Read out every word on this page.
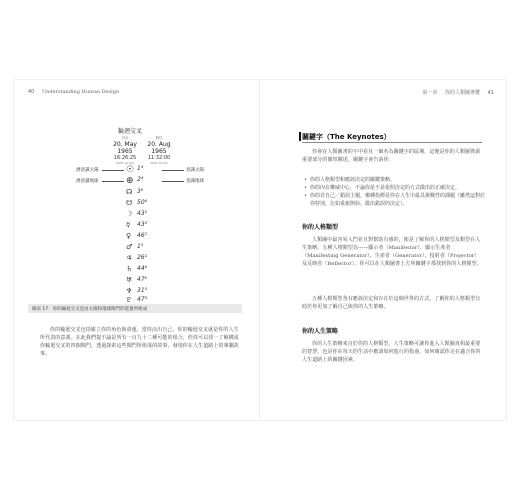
40 Understanding Human Design
輪迴交叉
設計
20. May 1965
16:26:25
(GMT-10:00)
個性
20. Aug 1965
11:32:00
(GMT-10:00)
潛意識太陽
潛意識地球
意識太陽
意識地球
☉ 1⁴
⊕ 2⁴
☊ 3⁶
☋ 50⁶
☽ 43¹
☿ 43²
♀ 46¹
♂ 1⁵
♃ 26¹
♄ 44⁶
♅ 47⁶
♆ 31⁵
♇ 47³
圖表 17：你的輪迴交叉是由太陽和地球閘門的能量所組成
你的輪迴交叉包括確立你的角色與命運，當你活出自己，你的輪迴交叉就是你的人生所代表的意義。在此我們提不論是所有一百九十二種可能的組合，但你可以找一了解構成你輪迴交叉的四個閘門，透過探索這些閘門所組成的故事，發現你在人生道路上的專屬故事。
第一章 你的人類圖導覽 41
關鍵字（The Keynotes）
你會在人類圖書的字中看見一個名為關鍵字的區塊，這便是你的人類圖資源重要部分的簡短陳述，關鍵字會告訴你：
• 你的人格類型和應該決定的關鍵策略。
• 你的內在權威中心，不論你是不是依照決定的方式做出的正確決定。
• 你的非自己／錯誤主題，哪種指標是你在人生中最具挑戰性的課題（雖然這對於你特別，比如重新開始、做出錯誤的決定）。
你的人格類型
人類圖中最容易入門並且對幫助有感的，便是了解你的人格類型及類型在人生策略，五種人格類型為——顯示者（Manifestor）、顯示生產者（Manifesting Generator）、生產者（Generator）、投射者（Projector）及反映者（Reflector）。你可以在人類圖書上方所關鍵字那找到你的人格類型。
五種人格類型各有應該決定和存在於這個世界的方式。了解你的人格類型有助於你更加了解自己與你的人生策略。
你的人生策略
你的人生策略來自於你的人格類型。人生策略可讓你進入人類圖真相最重要的智慧，也是你在每天的生活中應該如何進行的指南，如何確認你走在適合你的人生道路上的關鍵因素。
